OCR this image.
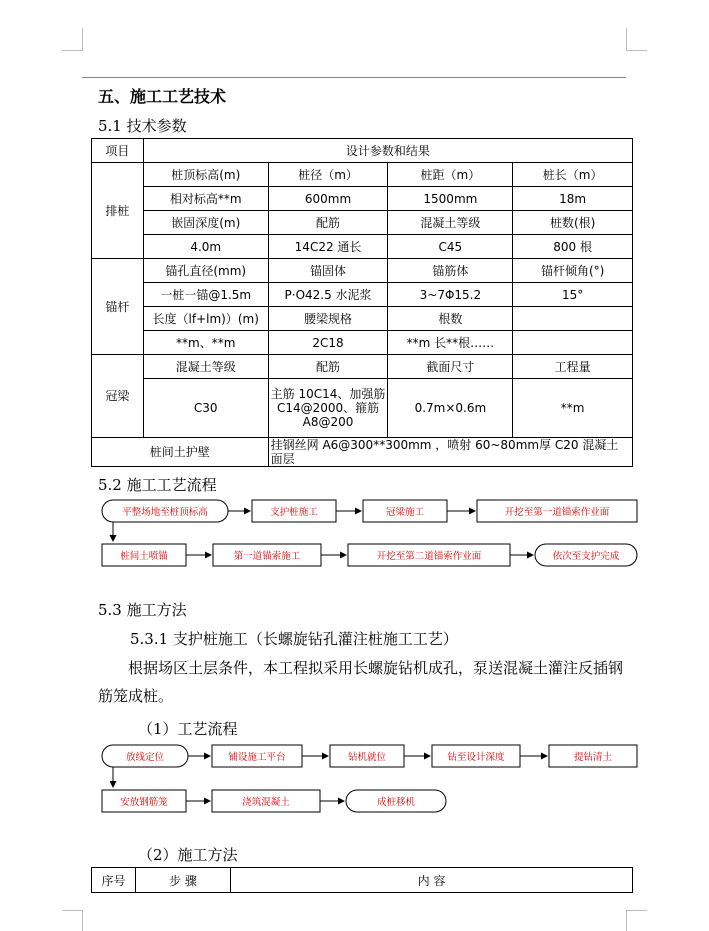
五、施工工艺技术
5.1 技术参数
项目	设计参数和结果			
排桩	桩顶标高(m)	桩径（m）	桩距（m）	桩长（m）
	相对标高**m	600mm	1500mm	18m
	嵌固深度(m)	配筋	混凝土等级	桩数(根)
	4.0m	14C22 通长	C45	800 根
锚杆	锚孔直径(mm)	锚固体	锚筋体	锚杆倾角(°)
	一桩一锚@1.5m	P·O42.5 水泥浆	3~7Φ15.2	15°
	长度（lf+lm)）(m)	腰梁规格	根数	
	**m、**m	2C18	**m 长**根……	
冠梁	混凝土等级	配筋	截面尺寸	工程量
	C30	主筋 10C14、加强筋 C14@2000、箍筋 A8@200	0.7m×0.6m	**m
桩间土护壁		挂钢丝网 A6@300**300mm ，喷射 60~80mm厚 C20 混凝土面层		
5.2 施工工艺流程
平整场地至桩顶标高	支护桩施工	冠梁施工	开挖至第一道锚索作业面
桩间土喷锚	第一道锚索施工	开挖至第二道锚索作业面	依次至支护完成
5.3 施工方法
5.3.1 支护桩施工（长螺旋钻孔灌注桩施工工艺）
根据场区土层条件，本工程拟采用长螺旋钻机成孔，泵送混凝土灌注反插钢筋笼成桩。
（1）工艺流程
放线定位	铺设施工平台	钻机就位	钻至设计深度	提钻清土
安放钢筋笼	浇筑混凝土	成桩移机
（2）施工方法
序号	步 骤	内 容
